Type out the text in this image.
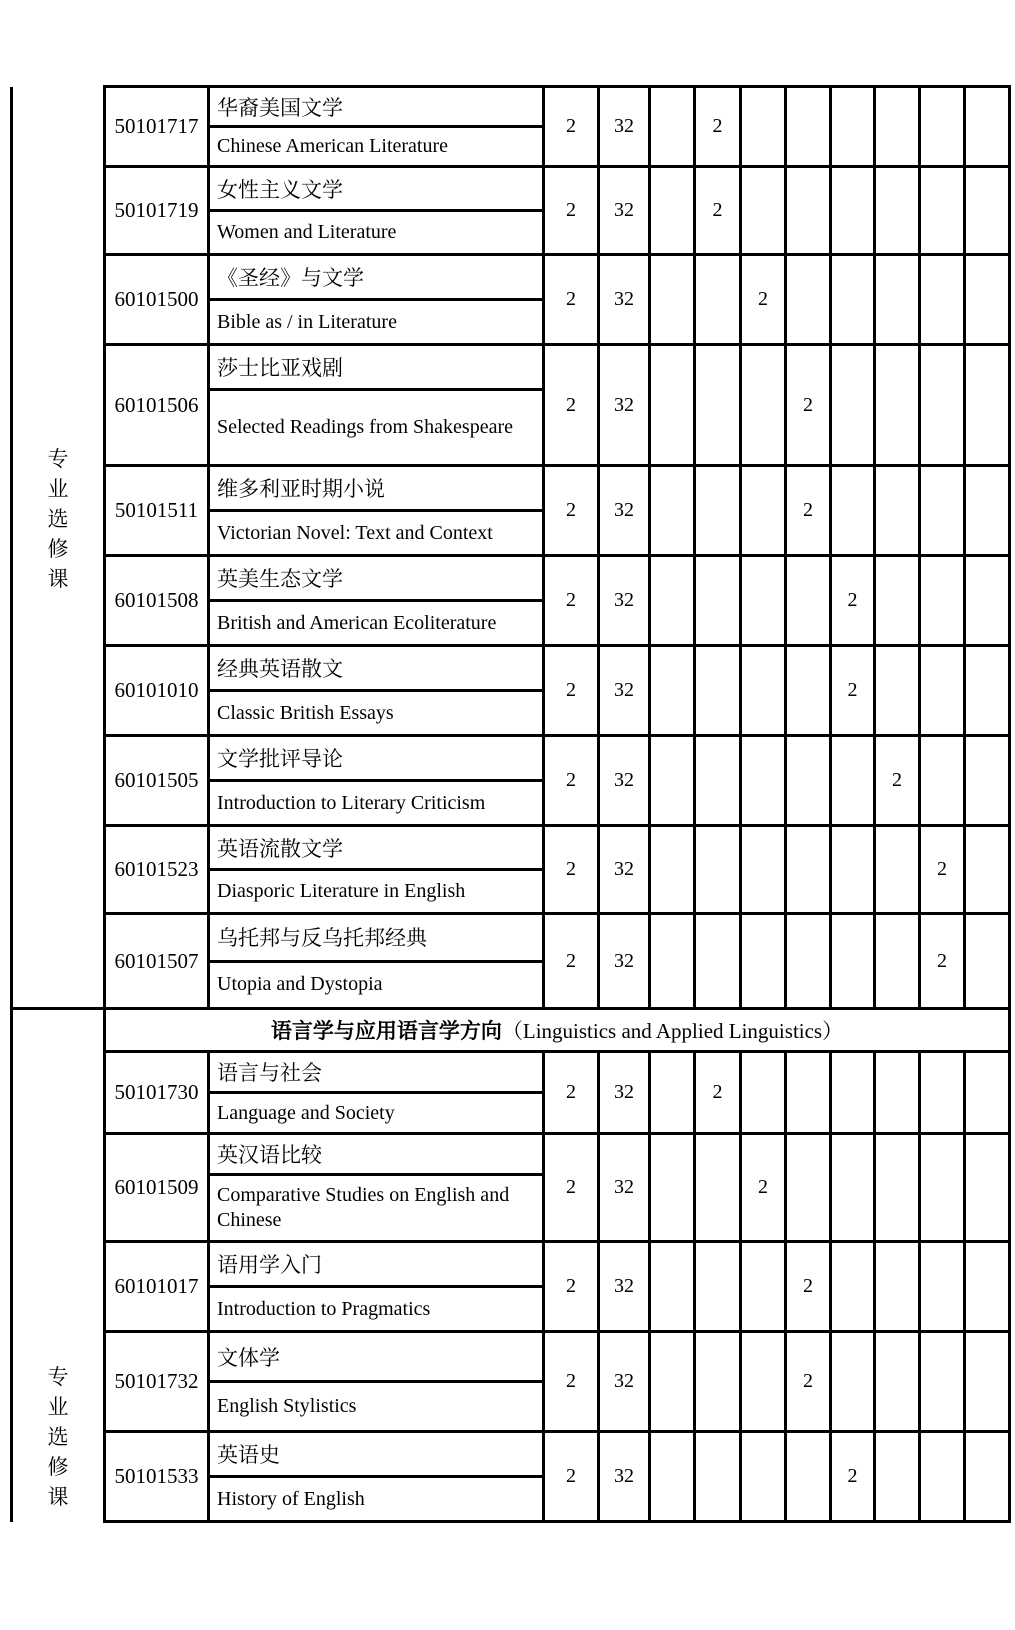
专业选修课	50101717	华裔美国文学
Chinese American Literature	2	32		2						
	50101719	女性主义文学
Women and Literature	2	32		2						
	60101500	《圣经》与文学
Bible as / in Literature	2	32			2					
	60101506	莎士比亚戏剧
Selected Readings from Shakespeare	2	32				2				
	50101511	维多利亚时期小说
Victorian Novel: Text and Context	2	32				2				
	60101508	英美生态文学
British and American Ecoliterature	2	32					2			
	60101010	经典英语散文
Classic British Essays	2	32					2			
	60101505	文学批评导论
Introduction to Literary Criticism	2	32						2		
	60101523	英语流散文学
Diasporic Literature in English	2	32							2	
	60101507	乌托邦与反乌托邦经典
Utopia and Dystopia	2	32							2	
专业选修课	语言学与应用语言学方向（Linguistics and Applied Linguistics）											
	50101730	语言与社会
Language and Society	2	32		2						
	60101509	英汉语比较
Comparative Studies on English and Chinese	2	32			2					
	60101017	语用学入门
Introduction to Pragmatics	2	32				2				
	50101732	文体学
English Stylistics	2	32				2				
	50101533	英语史
History of English	2	32					2			
